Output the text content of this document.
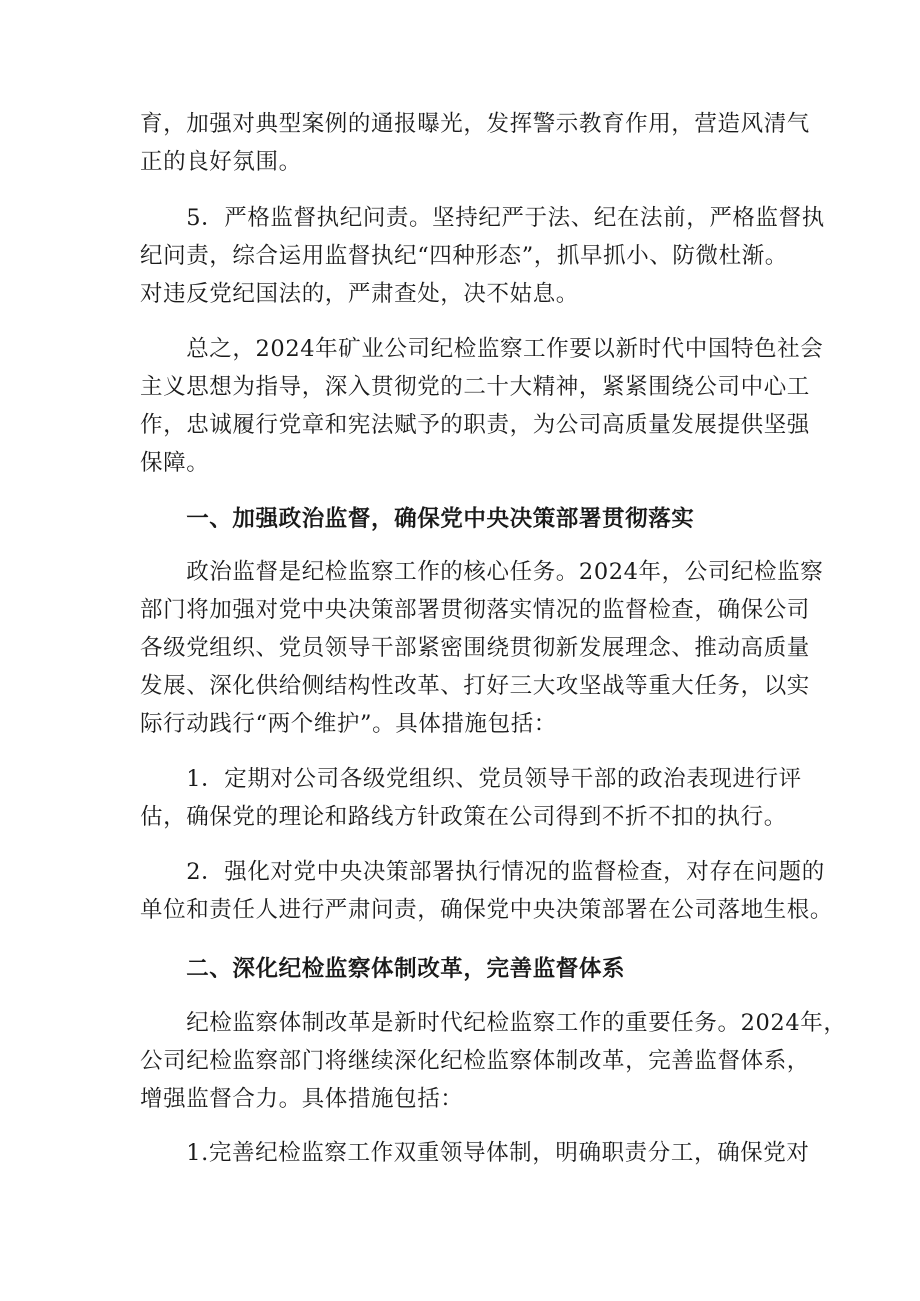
育，加强对典型案例的通报曝光，发挥警示教育作用，营造风清气
正的良好氛围。

　　5．严格监督执纪问责。坚持纪严于法、纪在法前，严格监督执
纪问责，综合运用监督执纪“四种形态”，抓早抓小、防微杜渐。
对违反党纪国法的，严肃查处，决不姑息。

　　总之，2024年矿业公司纪检监察工作要以新时代中国特色社会
主义思想为指导，深入贯彻党的二十大精神，紧紧围绕公司中心工
作，忠诚履行党章和宪法赋予的职责，为公司高质量发展提供坚强
保障。

　　一、加强政治监督，确保党中央决策部署贯彻落实

　　政治监督是纪检监察工作的核心任务。2024年，公司纪检监察
部门将加强对党中央决策部署贯彻落实情况的监督检查，确保公司
各级党组织、党员领导干部紧密围绕贯彻新发展理念、推动高质量
发展、深化供给侧结构性改革、打好三大攻坚战等重大任务，以实
际行动践行“两个维护”。具体措施包括：

　　1．定期对公司各级党组织、党员领导干部的政治表现进行评
估，确保党的理论和路线方针政策在公司得到不折不扣的执行。

　　2．强化对党中央决策部署执行情况的监督检查，对存在问题的
单位和责任人进行严肃问责，确保党中央决策部署在公司落地生根。

　　二、深化纪检监察体制改革，完善监督体系

　　纪检监察体制改革是新时代纪检监察工作的重要任务。2024年，
公司纪检监察部门将继续深化纪检监察体制改革，完善监督体系，
增强监督合力。具体措施包括：

　　1.完善纪检监察工作双重领导体制，明确职责分工，确保党对
